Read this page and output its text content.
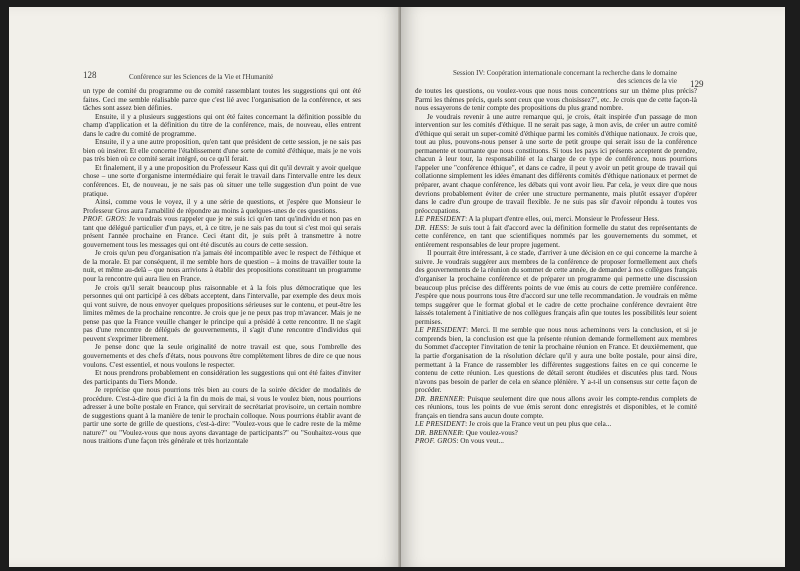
128	Conférence sur les Sciences de la Vie et l'Humanité

un type de comité du programme ou de comité rassemblant toutes les suggestions qui ont été faites. Ceci me semble réalisable parce que c'est lié avec l'organisation de la conférence, et ses tâches sont assez bien définies.

Ensuite, il y a plusieurs suggestions qui ont été faites concernant la définition possible du champ d'application et la définition du titre de la conférence, mais, de nouveau, elles entrent dans le cadre du comité de programme.

Ensuite, il y a une autre proposition, qu'en tant que président de cette session, je ne sais pas bien où insérer. Et elle concerne l'établissement d'une sorte de comité d'éthique, mais je ne vois pas très bien où ce comité serait intégré, ou ce qu'il ferait.

Et finalement, il y a une proposition du Professeur Kass qui dit qu'il devrait y avoir quelque chose – une sorte d'organisme intermédiaire qui ferait le travail dans l'intervalle entre les deux conférences. Et, de nouveau, je ne sais pas où situer une telle suggestion d'un point de vue pratique.

Ainsi, comme vous le voyez, il y a une série de questions, et j'espère que Monsieur le Professeur Gros aura l'amabilité de répondre au moins à quelques-unes de ces questions.

PROF. GROS: Je voudrais vous rappeler que je ne suis ici qu'en tant qu'individu et non pas en tant que délégué particulier d'un pays, et, à ce titre, je ne sais pas du tout si c'est moi qui serais présent l'année prochaine en France. Ceci étant dit, je suis prêt à transmettre à notre gouvernement tous les messages qui ont été discutés au cours de cette session.

Je crois qu'un peu d'organisation n'a jamais été incompatible avec le respect de l'éthique et de la morale. Et par conséquent, il me semble hors de question – à moins de travailler toute la nuit, et même au-delà – que nous arrivions à établir des propositions constituant un programme pour la rencontre qui aura lieu en France.

Je crois qu'il serait beaucoup plus raisonnable et à la fois plus démocratique que les personnes qui ont participé à ces débats acceptent, dans l'intervalle, par exemple des deux mois qui vont suivre, de nous envoyer quelques propositions sérieuses sur le contenu, et peut-être les limites mêmes de la prochaine rencontre. Je crois que je ne peux pas trop m'avancer. Mais je ne pense pas que la France veuille changer le principe qui a présidé à cette rencontre. Il ne s'agit pas d'une rencontre de délégués de gouvernements, il s'agit d'une rencontre d'individus qui peuvent s'exprimer librement.

Je pense donc que la seule originalité de notre travail est que, sous l'ombrelle des gouvernements et des chefs d'états, nous pouvons être complètement libres de dire ce que nous voulons. C'est essentiel, et nous voulons le respecter.

Et nous prendrons probablement en considération les suggestions qui ont été faites d'inviter des participants du Tiers Monde.

Je reprécise que nous pourrions très bien au cours de la soirée décider de modalités de procédure. C'est-à-dire que d'ici à la fin du mois de mai, si vous le voulez bien, nous pourrions adresser à une boîte postale en France, qui servirait de secrétariat provisoire, un certain nombre de suggestions quant à la manière de tenir le prochain colloque. Nous pourrions établir avant de partir une sorte de grille de questions, c'est-à-dire: "Voulez-vous que le cadre reste de la même nature?" ou "Voulez-vous que nous ayons davantage de participants?" ou "Souhaitez-vous que nous traitions d'une façon très générale et très horizontale

Session IV: Coopération internationale concernant la recherche dans le domaine
des sciences de la vie 129

de toutes les questions, ou voulez-vous que nous nous concentrions sur un thème plus précis? Parmi les thèmes précis, quels sont ceux que vous choisissez?", etc. Je crois que de cette façon-là nous essayerons de tenir compte des propositions du plus grand nombre.

Je voudrais revenir à une autre remarque qui, je crois, était inspirée d'un passage de mon intervention sur les comités d'éthique. Il ne serait pas sage, à mon avis, de créer un autre comité d'éthique qui serait un super-comité d'éthique parmi les comités d'éthique nationaux. Je crois que, tout au plus, pouvons-nous penser à une sorte de petit groupe qui serait issu de la conférence permanente et tournante que nous constituons. Si tous les pays ici présents acceptent de prendre, chacun à leur tour, la responsabilité et la charge de ce type de conférence, nous pourrions l'appeler une "conférence éthique", et dans ce cadre, il peut y avoir un petit groupe de travail qui collationne simplement les idées émanant des différents comités d'éthique nationaux et permet de préparer, avant chaque conférence, les débats qui vont avoir lieu. Par cela, je veux dire que nous devrions probablement éviter de créer une structure permanente, mais plutôt essayer d'opérer dans le cadre d'un groupe de travail flexible. Je ne suis pas sûr d'avoir répondu à toutes vos préoccupations.

LE PRESIDENT: A la plupart d'entre elles, oui, merci. Monsieur le Professeur Hess.

DR. HESS: Je suis tout à fait d'accord avec la définition formelle du statut des représentants de cette conférence, en tant que scientifiques nommés par les gouvernements du sommet, et entièrement responsables de leur propre jugement.

Il pourrait être intéressant, à ce stade, d'arriver à une décision en ce qui concerne la marche à suivre. Je voudrais suggérer aux membres de la conférence de proposer formellement aux chefs des gouvernements de la réunion du sommet de cette année, de demander à nos collègues français d'organiser la prochaine conférence et de préparer un programme qui permette une discussion beaucoup plus précise des différents points de vue émis au cours de cette première conférence. J'espère que nous pourrons tous être d'accord sur une telle recommandation. Je voudrais en même temps suggérer que le format global et le cadre de cette prochaine conférence devraient être laissés totalement à l'initiative de nos collègues français afin que toutes les possibilités leur soient permises.

LE PRESIDENT: Merci. Il me semble que nous nous acheminons vers la conclusion, et si je comprends bien, la conclusion est que la présente réunion demande formellement aux membres du Sommet d'accepter l'invitation de tenir la prochaine réunion en France. Et deuxièmement, que la partie d'organisation de la résolution déclare qu'il y aura une boîte postale, pour ainsi dire, permettant à la France de rassembler les différentes suggestions faites en ce qui concerne le contenu de cette réunion. Les questions de détail seront étudiées et discutées plus tard. Nous n'avons pas besoin de parler de cela en séance plénière. Y a-t-il un consensus sur cette façon de procéder.

DR. BRENNER: Puisque seulement dire que nous allons avoir les compte-rendus complets de ces réunions, tous les points de vue émis seront donc enregistrés et disponibles, et le comité français en tiendra sans aucun doute compte.

LE PRESIDENT: Je crois que la France veut un peu plus que cela...

DR. BRENNER: Que voulez-vous?

PROF. GROS: On vous veut...
